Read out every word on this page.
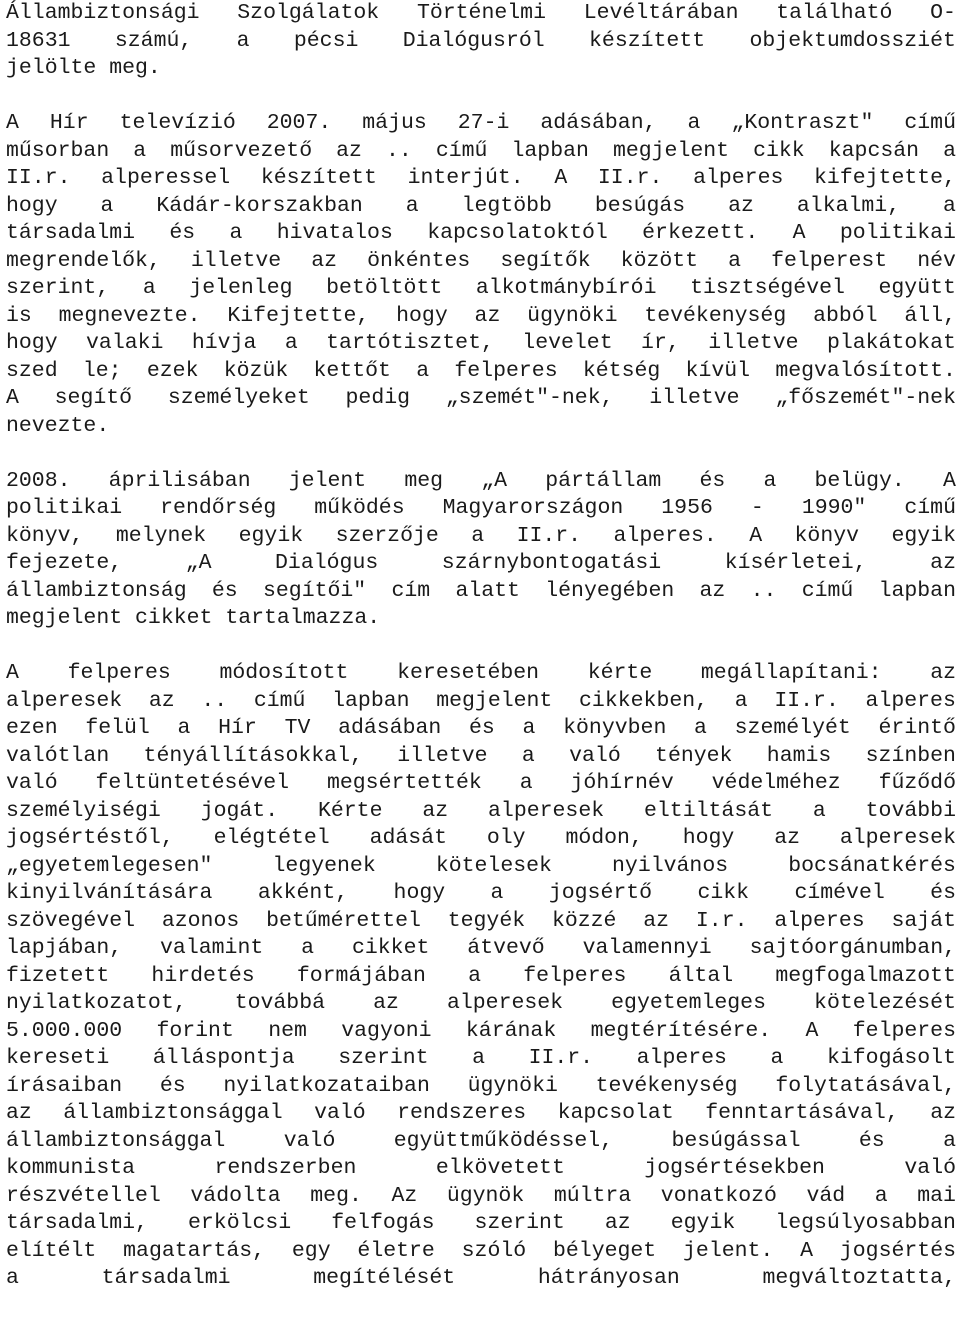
Állambiztonsági Szolgálatok Történelmi Levéltárában található O-
18631 számú, a pécsi Dialógusról készített objektumdossziét
jelölte meg.
A Hír televízió 2007. május 27-i adásában, a „Kontraszt" című
műsorban a műsorvezető az .. című lapban megjelent cikk kapcsán a
II.r. alperessel készített interjút. A II.r. alperes kifejtette,
hogy a Kádár-korszakban a legtöbb besúgás az alkalmi, a
társadalmi és a hivatalos kapcsolatoktól érkezett. A politikai
megrendelők, illetve az önkéntes segítők között a felperest név
szerint, a jelenleg betöltött alkotmánybírói tisztségével együtt
is megnevezte. Kifejtette, hogy az ügynöki tevékenység abból áll,
hogy valaki hívja a tartótisztet, levelet ír, illetve plakátokat
szed le; ezek közük kettőt a felperes kétség kívül megvalósított.
A segítő személyeket pedig „szemét"-nek, illetve „főszemét"-nek
nevezte.
2008. áprilisában jelent meg „A pártállam és a belügy. A
politikai rendőrség működés Magyarországon 1956 - 1990" című
könyv, melynek egyik szerzője a II.r. alperes. A könyv egyik
fejezete,	„A	Dialógus	szárnybontogatási	kísérletei,	az
állambiztonság és segítői" cím alatt lényegében az .. című lapban
megjelent cikket tartalmazza.
A felperes módosított keresetében kérte megállapítani: az
alperesek az .. című lapban megjelent cikkekben, a II.r. alperes
ezen felül a Hír TV adásában és a könyvben a személyét érintő
valótlan tényállításokkal, illetve a való tények hamis színben
való feltüntetésével megsértették a jóhírnév védelméhez fűződő
személyiségi jogát. Kérte az alperesek eltiltását a további
jogsértéstől, elégtétel adását oly módon, hogy az alperesek
„egyetemlegesen"	legyenek	kötelesek	nyilvános	bocsánatkérés
kinyilvánítására akként, hogy a jogsértő cikk címével és
szövegével azonos betűmérettel tegyék közzé az I.r. alperes saját
lapjában, valamint a cikket átvevő valamennyi sajtóorgánumban,
fizetett hirdetés formájában a felperes által megfogalmazott
nyilatkozatot, továbbá az alperesek egyetemleges kötelezését
5.000.000 forint nem vagyoni kárának megtérítésére. A felperes
kereseti álláspontja szerint a II.r. alperes a kifogásolt
írásaiban és nyilatkozataiban ügynöki tevékenység folytatásával,
az állambiztonsággal való rendszeres kapcsolat fenntartásával, az
állambiztonsággal	való	együttműködéssel,	besúgással	és	a
kommunista	rendszerben	elkövetett	jogsértésekben	való
részvétellel vádolta meg. Az ügynök múltra vonatkozó vád a mai
társadalmi, erkölcsi felfogás szerint az egyik legsúlyosabban
elítélt magatartás, egy életre szóló bélyeget jelent. A jogsértés
a	társadalmi	megítélését	hátrányosan	megváltoztatta,
